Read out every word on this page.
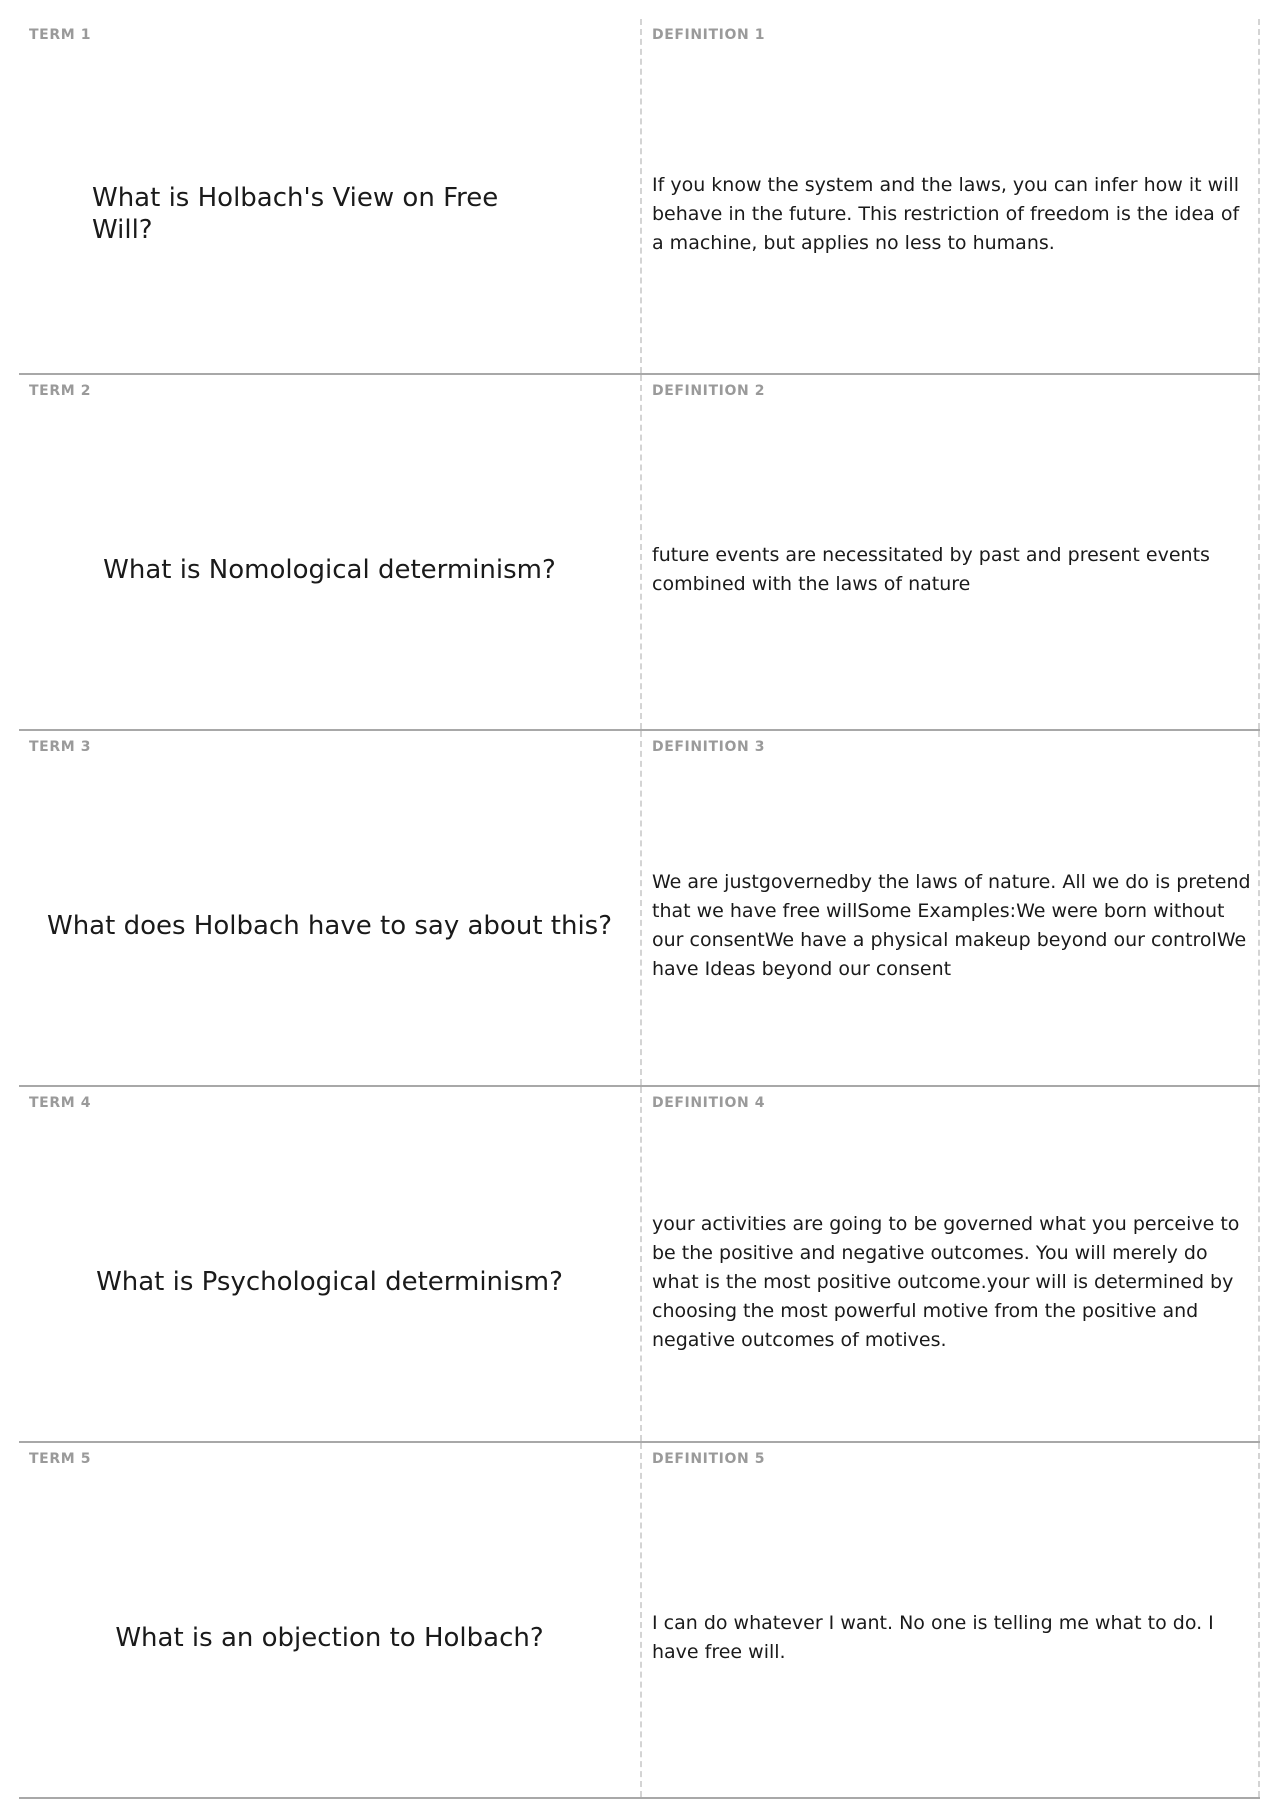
TERM 1
What is Holbach's View on Free Will?
DEFINITION 1
If you know the system and the laws, you can infer how it will behave in the future. This restriction of freedom is the idea of a machine, but applies no less to humans.
TERM 2
What is Nomological determinism?
DEFINITION 2
future events are necessitated by past and present events combined with the laws of nature
TERM 3
What does Holbach have to say about this?
DEFINITION 3
We are justgovernedby the laws of nature. All we do is pretend that we have free willSome Examples:We were born without our consentWe have a physical makeup beyond our controlWe have Ideas beyond our consent
TERM 4
What is Psychological determinism?
DEFINITION 4
your activities are going to be governed what you perceive to be the positive and negative outcomes. You will merely do what is the most positive outcome.your will is determined by choosing the most powerful motive from the positive and negative outcomes of motives.
TERM 5
What is an objection to Holbach?
DEFINITION 5
I can do whatever I want. No one is telling me what to do. I have free will.
